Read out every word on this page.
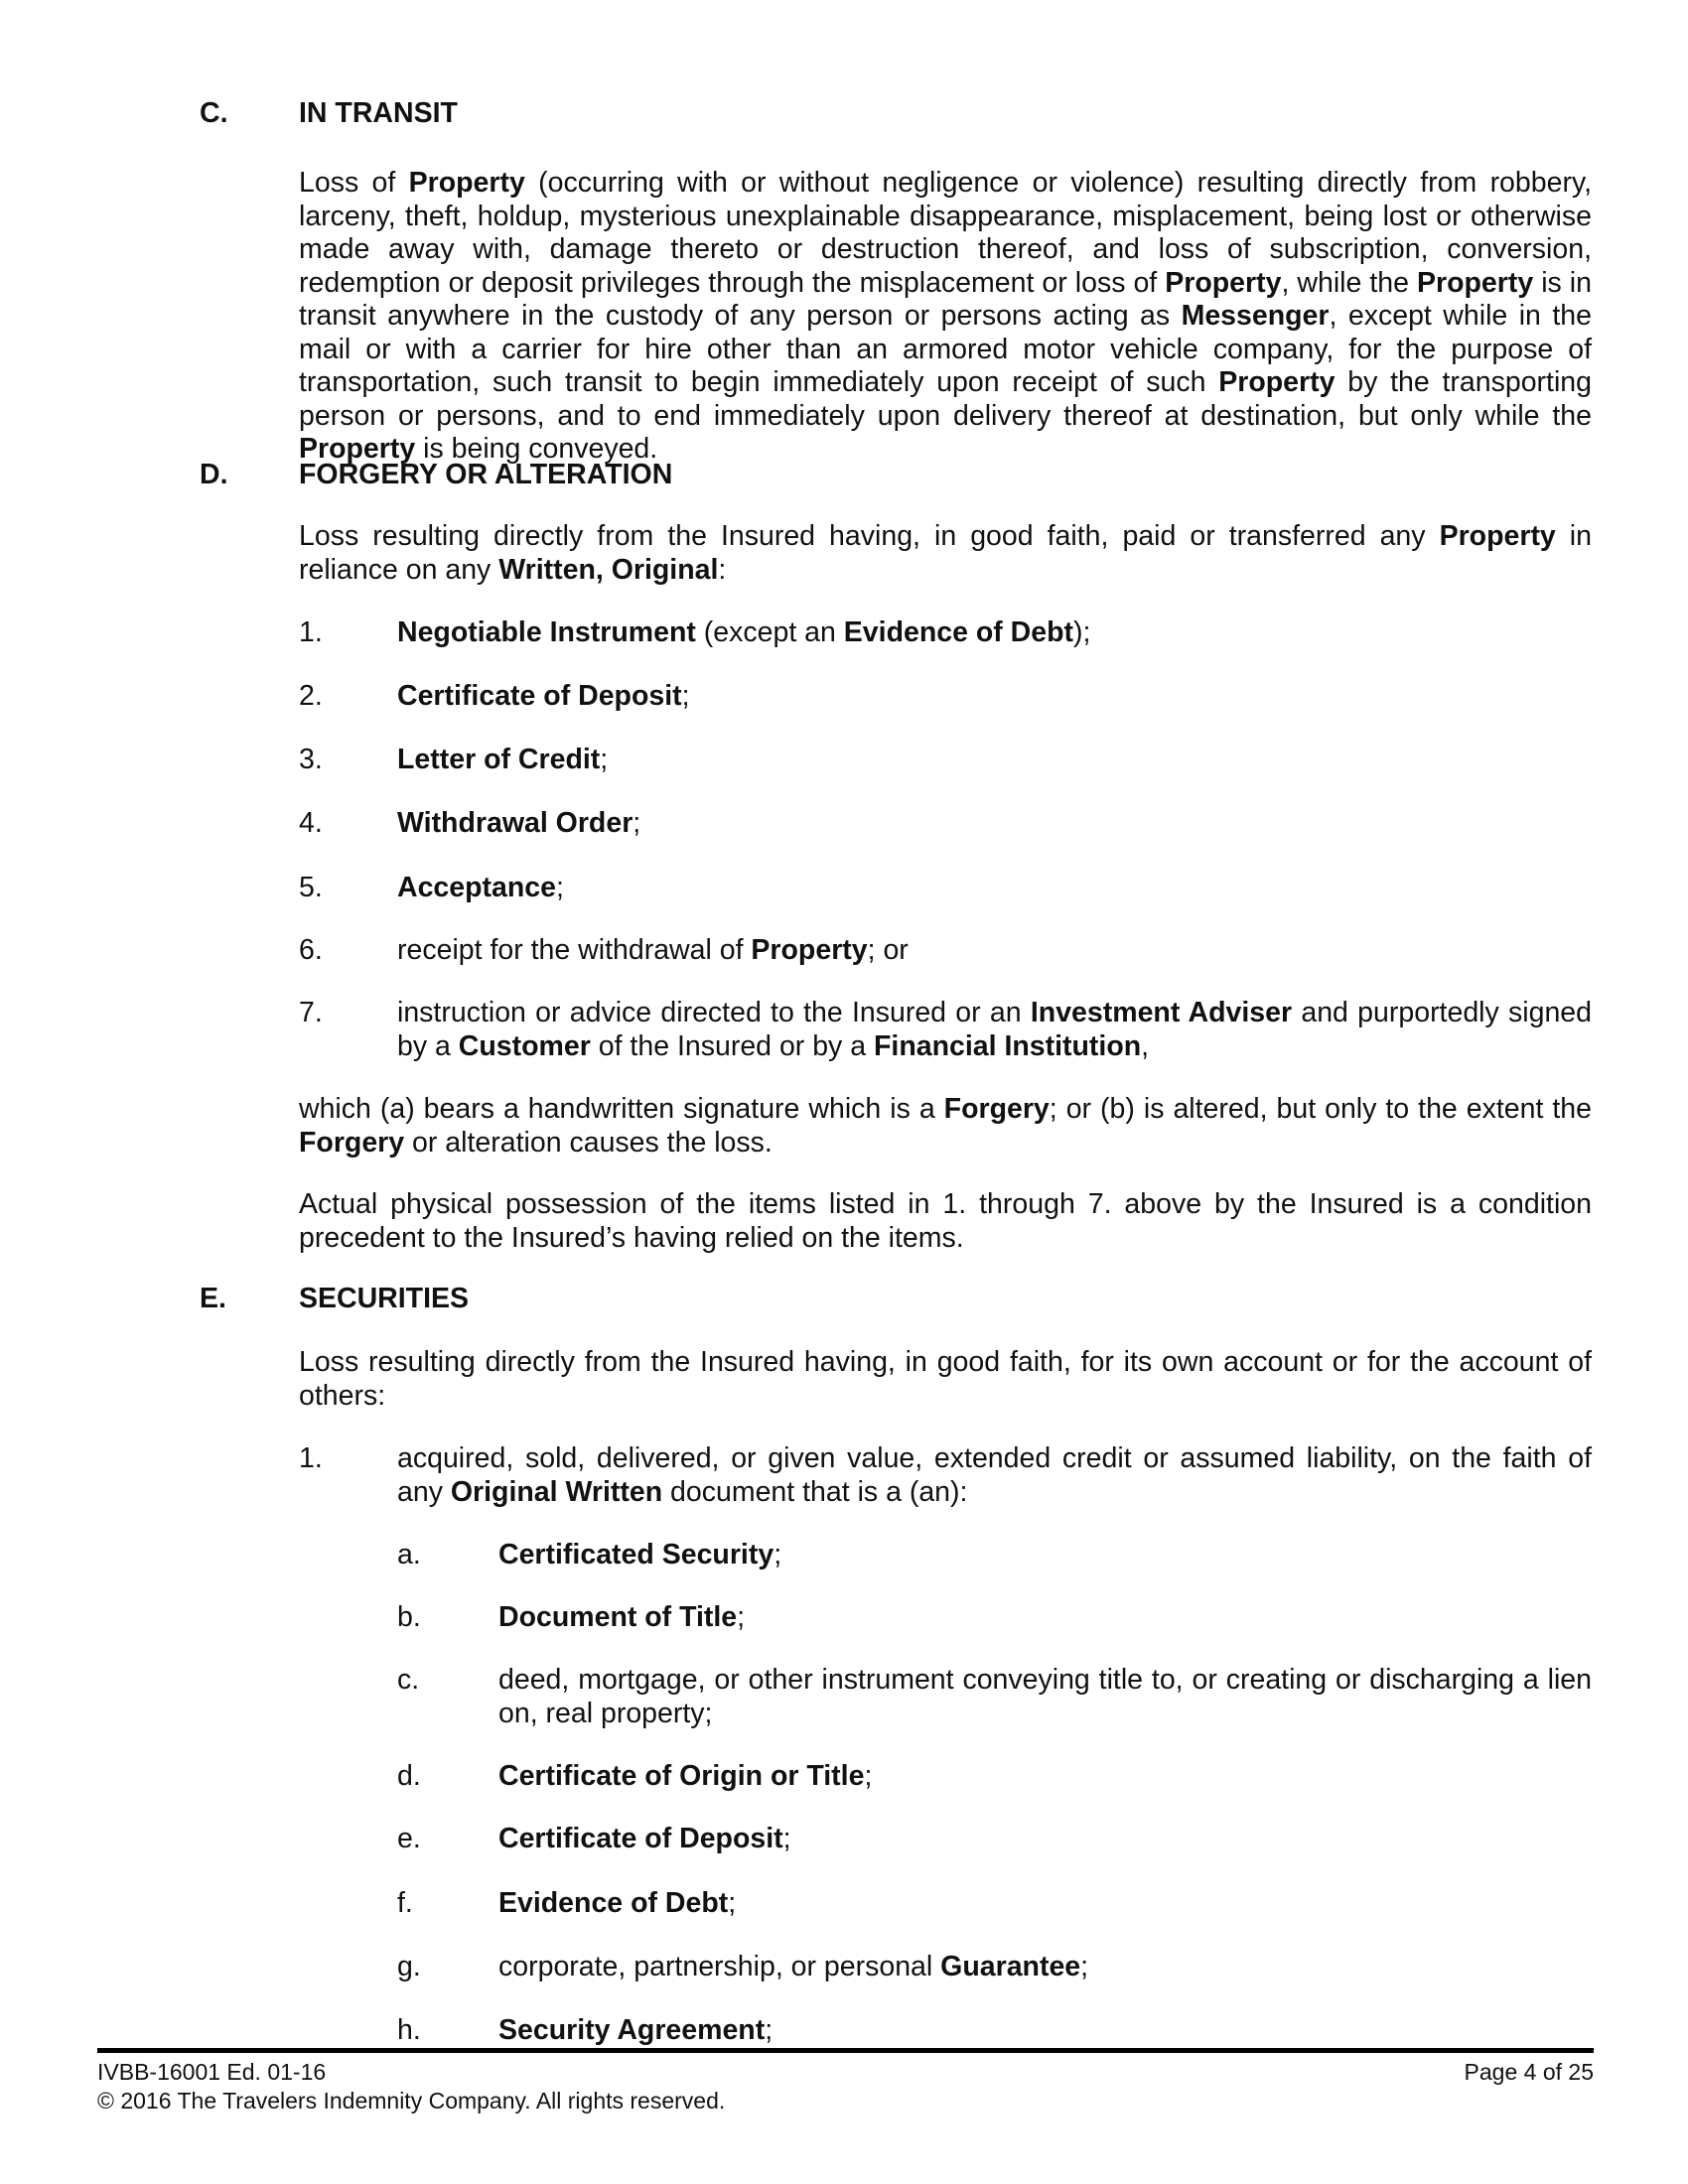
C.	IN TRANSIT
Loss of Property (occurring with or without negligence or violence) resulting directly from robbery, larceny, theft, holdup, mysterious unexplainable disappearance, misplacement, being lost or otherwise made away with, damage thereto or destruction thereof, and loss of subscription, conversion, redemption or deposit privileges through the misplacement or loss of Property, while the Property is in transit anywhere in the custody of any person or persons acting as Messenger, except while in the mail or with a carrier for hire other than an armored motor vehicle company, for the purpose of transportation, such transit to begin immediately upon receipt of such Property by the transporting person or persons, and to end immediately upon delivery thereof at destination, but only while the Property is being conveyed.
D.	FORGERY OR ALTERATION
Loss resulting directly from the Insured having, in good faith, paid or transferred any Property in reliance on any Written, Original:
1.	Negotiable Instrument (except an Evidence of Debt);
2.	Certificate of Deposit;
3.	Letter of Credit;
4.	Withdrawal Order;
5.	Acceptance;
6.	receipt for the withdrawal of Property; or
7.	instruction or advice directed to the Insured or an Investment Adviser and purportedly signed by a Customer of the Insured or by a Financial Institution,
which (a) bears a handwritten signature which is a Forgery; or (b) is altered, but only to the extent the Forgery or alteration causes the loss.
Actual physical possession of the items listed in 1. through 7. above by the Insured is a condition precedent to the Insured’s having relied on the items.
E.	SECURITIES
Loss resulting directly from the Insured having, in good faith, for its own account or for the account of others:
1.	acquired, sold, delivered, or given value, extended credit or assumed liability, on the faith of any Original Written document that is a (an):
a.	Certificated Security;
b.	Document of Title;
c.	deed, mortgage, or other instrument conveying title to, or creating or discharging a lien on, real property;
d.	Certificate of Origin or Title;
e.	Certificate of Deposit;
f.	Evidence of Debt;
g.	corporate, partnership, or personal Guarantee;
h.	Security Agreement;
IVBB-16001 Ed. 01-16	Page 4 of 25
© 2016 The Travelers Indemnity Company. All rights reserved.
